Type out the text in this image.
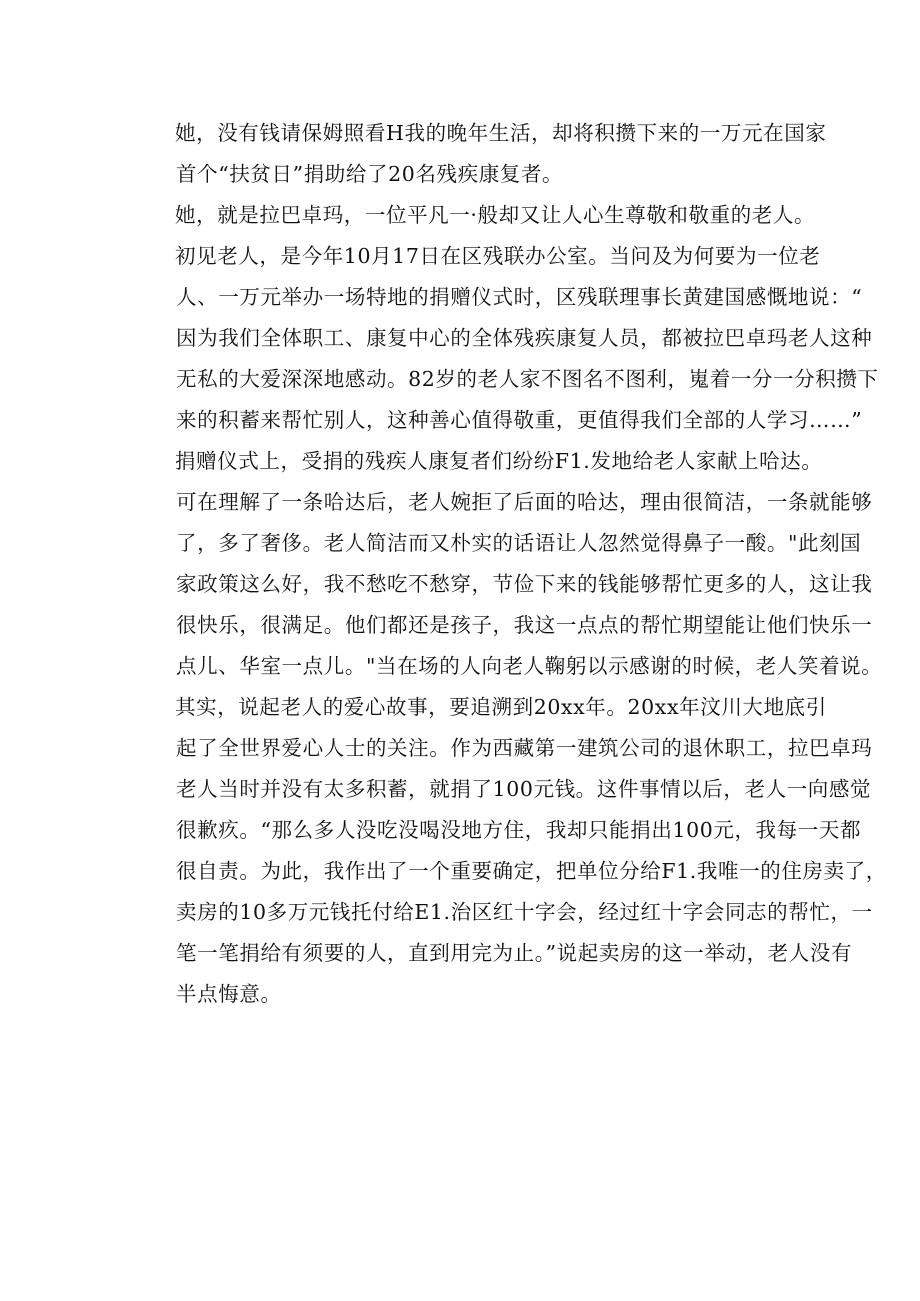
她，没有钱请保姆照看H我的晚年生活，却将积攒下来的一万元在国家
首个“扶贫日”捐助给了20名残疾康复者。

她，就是拉巴卓玛，一位平凡一·般却又让人心生尊敬和敬重的老人。

初见老人，是今年10月17日在区残联办公室。当问及为何要为一位老
人、一万元举办一场特地的捐赠仪式时，区残联理事长黄建国感慨地说：“
因为我们全体职工、康复中心的全体残疾康复人员，都被拉巴卓玛老人这种
无私的大爱深深地感动。82岁的老人家不图名不图利，嵬着一分一分积攒下
来的积蓄来帮忙别人，这种善心值得敬重，更值得我们全部的人学习……”

捐赠仪式上，受捐的残疾人康复者们纷纷F1.发地给老人家献上哈达。
可在理解了一条哈达后，老人婉拒了后面的哈达，理由很简洁，一条就能够
了，多了奢侈。老人简洁而又朴实的话语让人忽然觉得鼻子一酸。"此刻国
家政策这么好，我不愁吃不愁穿，节俭下来的钱能够帮忙更多的人，这让我
很快乐，很满足。他们都还是孩子，我这一点点的帮忙期望能让他们快乐一
点儿、华室一点儿。"当在场的人向老人鞠躬以示感谢的时候，老人笑着说。

其实，说起老人的爱心故事，要追溯到20xx年。20xx年汶川大地底引
起了全世界爱心人士的关注。作为西藏第一建筑公司的退休职工，拉巴卓玛
老人当时并没有太多积蓄，就捐了100元钱。这件事情以后，老人一向感觉
很歉疚。“那么多人没吃没喝没地方住，我却只能捐出100元，我每一天都
很自责。为此，我作出了一个重要确定，把单位分给F1.我唯一的住房卖了，
卖房的10多万元钱托付给E1.治区红十字会，经过红十字会同志的帮忙，一
笔一笔捐给有须要的人，直到用完为止。”说起卖房的这一举动，老人没有
半点悔意。
